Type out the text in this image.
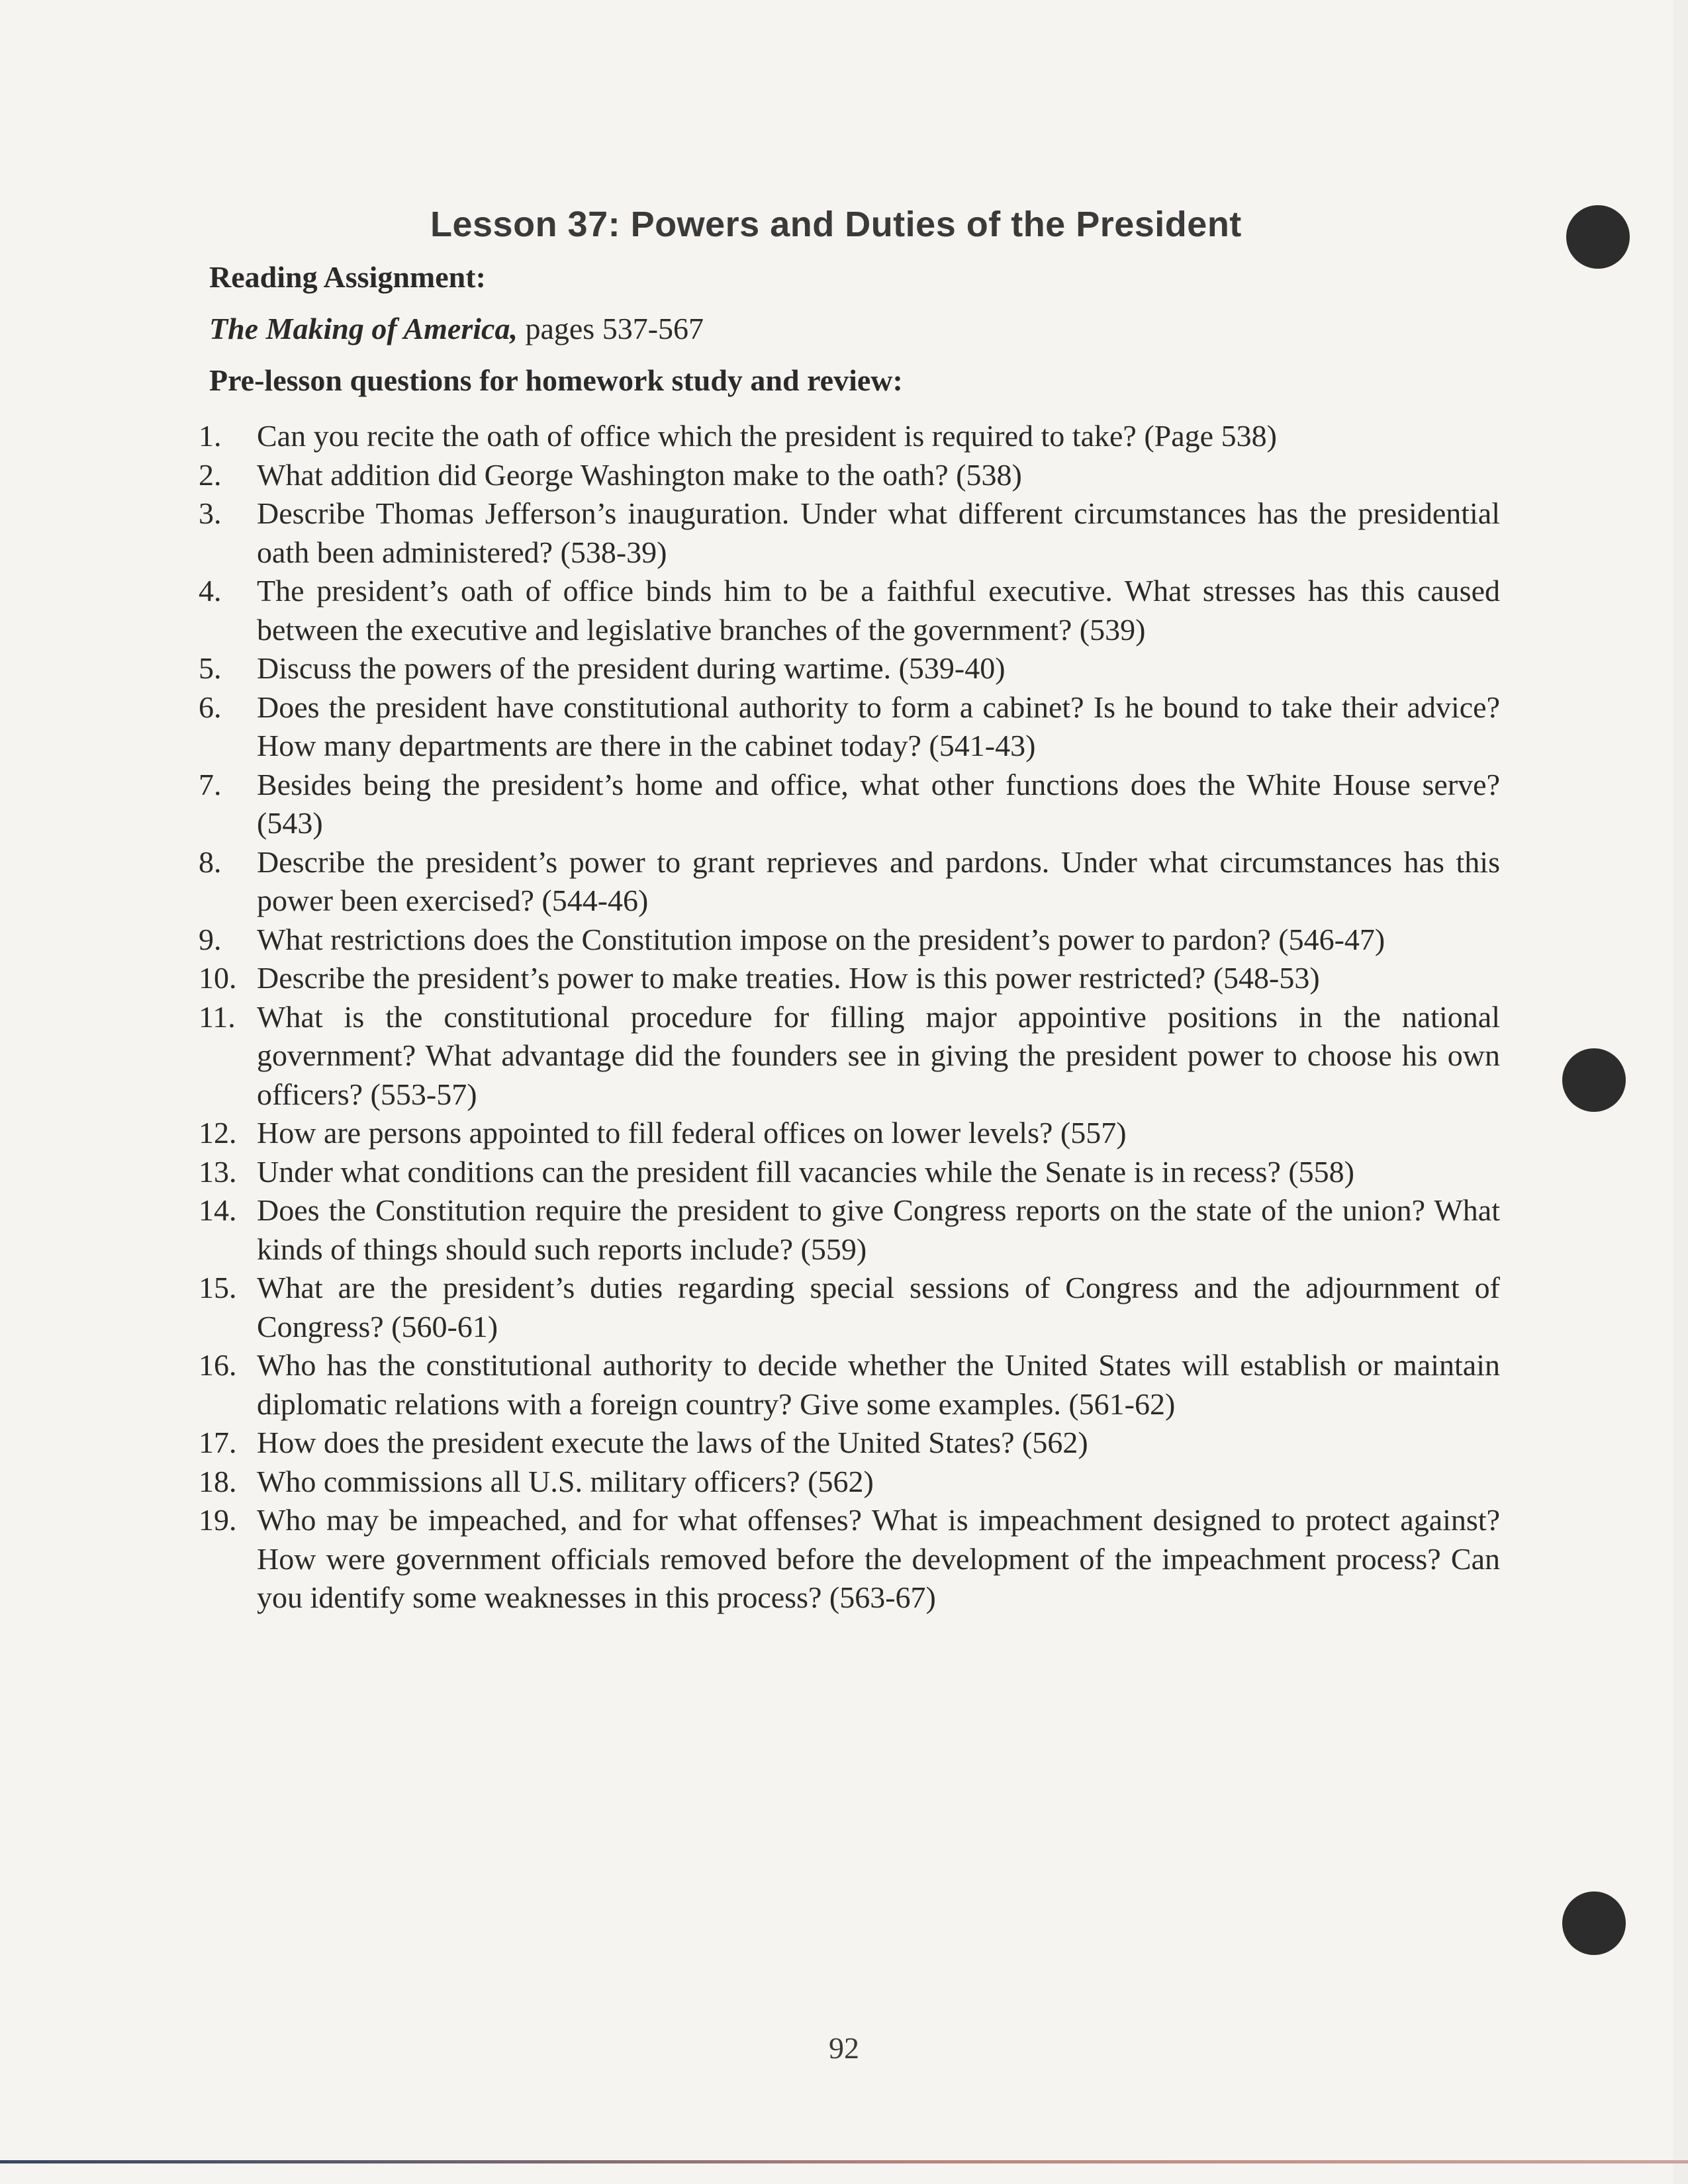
Lesson 37: Powers and Duties of the President
Reading Assignment:
The Making of America, pages 537-567
Pre-lesson questions for homework study and review:
1.	Can you recite the oath of office which the president is required to take? (Page 538)
2.	What addition did George Washington make to the oath? (538)
3.	Describe Thomas Jefferson’s inauguration. Under what different circumstances has the presidential oath been administered? (538-39)
4.	The president’s oath of office binds him to be a faithful executive. What stresses has this caused between the executive and legislative branches of the government? (539)
5.	Discuss the powers of the president during wartime. (539-40)
6.	Does the president have constitutional authority to form a cabinet? Is he bound to take their advice? How many departments are there in the cabinet today? (541-43)
7.	Besides being the president’s home and office, what other functions does the White House serve? (543)
8.	Describe the president’s power to grant reprieves and pardons. Under what circumstances has this power been exercised? (544-46)
9.	What restrictions does the Constitution impose on the president’s power to pardon? (546-47)
10. Describe the president’s power to make treaties. How is this power restricted? (548-53)
11. What is the constitutional procedure for filling major appointive positions in the national government? What advantage did the founders see in giving the president power to choose his own officers? (553-57)
12. How are persons appointed to fill federal offices on lower levels? (557)
13. Under what conditions can the president fill vacancies while the Senate is in recess? (558)
14. Does the Constitution require the president to give Congress reports on the state of the union? What kinds of things should such reports include? (559)
15. What are the president’s duties regarding special sessions of Congress and the adjournment of Congress? (560-61)
16. Who has the constitutional authority to decide whether the United States will establish or maintain diplomatic relations with a foreign country? Give some examples. (561-62)
17. How does the president execute the laws of the United States? (562)
18. Who commissions all U.S. military officers? (562)
19. Who may be impeached, and for what offenses? What is impeachment designed to protect against? How were government officials removed before the development of the impeachment process? Can you identify some weaknesses in this process? (563-67)
92
